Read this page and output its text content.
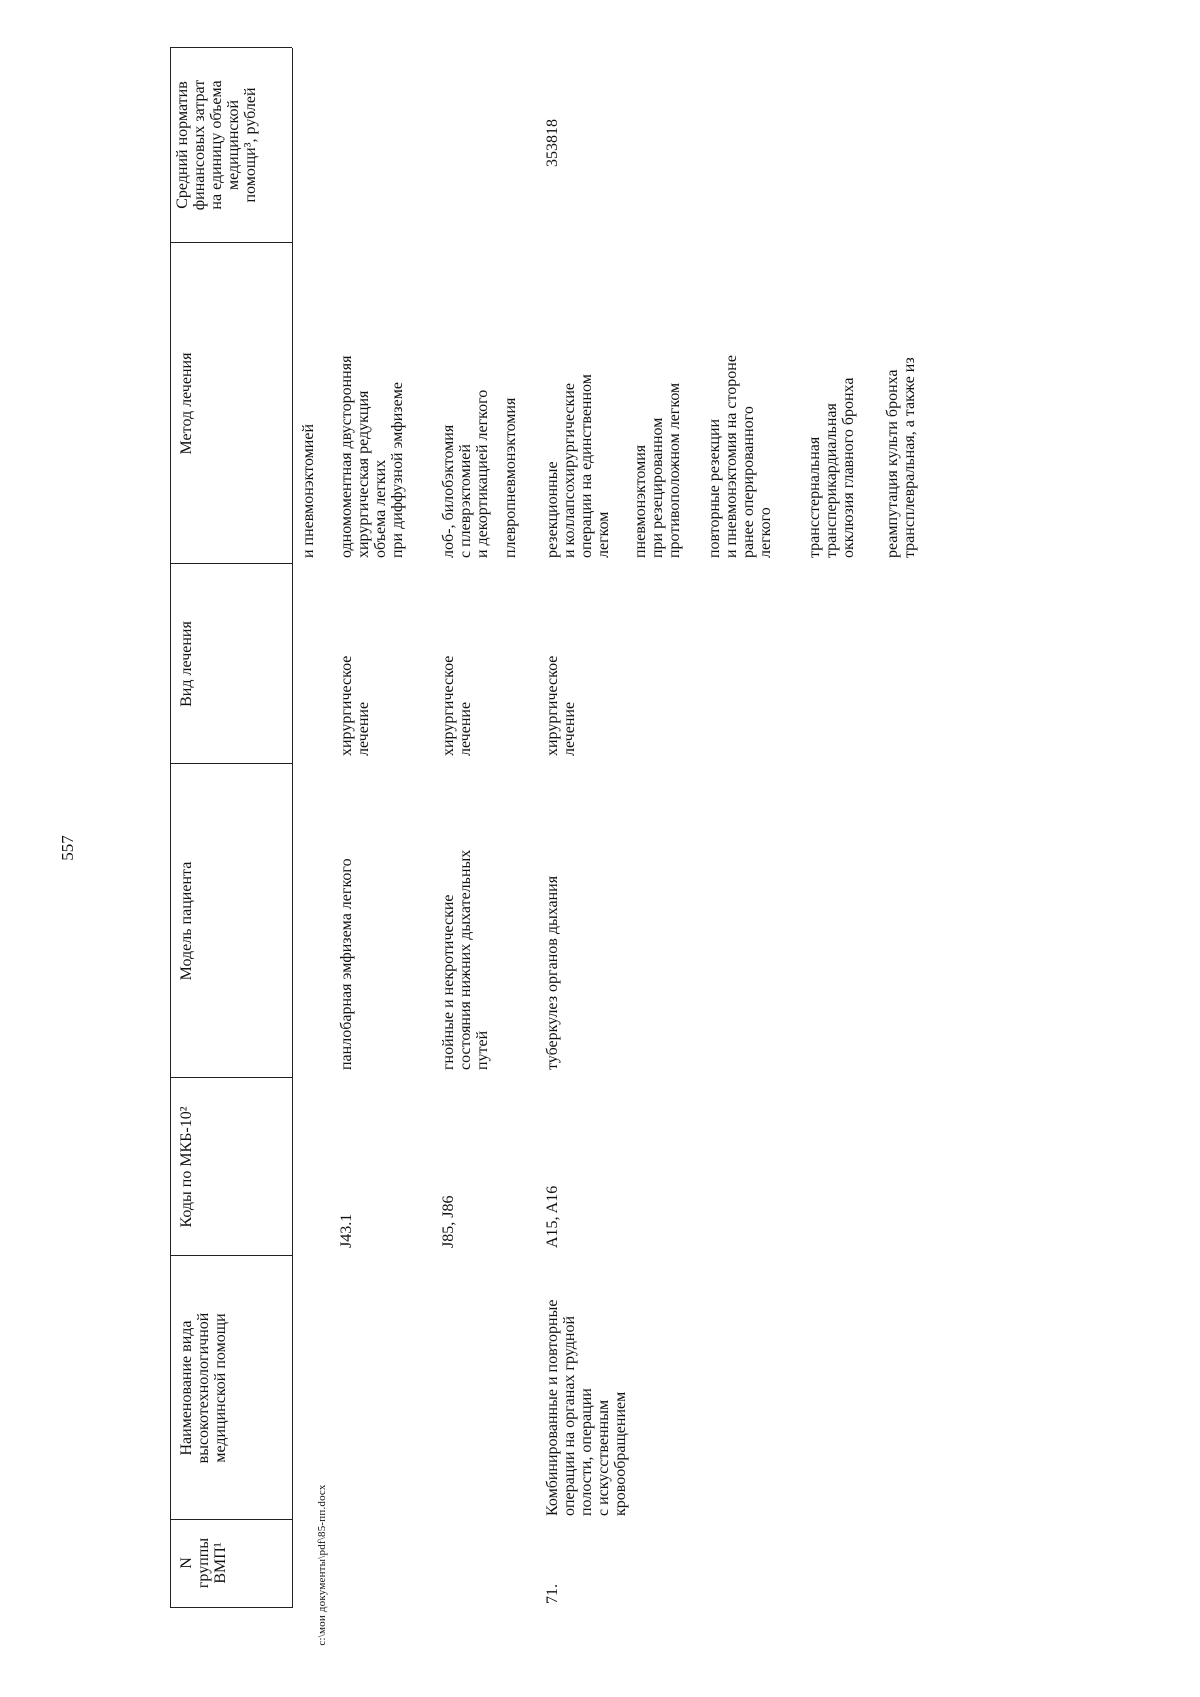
557
N
группы
ВМП¹
Наименование вида
высокотехнологичной
медицинской помощи
Коды по МКБ-10²
Модель пациента
Вид лечения
Метод лечения
Средний норматив
финансовых затрат
на единицу объема
медицинской
помощи³, рублей
и пневмонэктомией
J43.1
панлобарная эмфизема легкого
хирургическое
лечение
одномоментная двусторонняя
хирургическая редукция
объема легких
при диффузной эмфиземе
J85, J86
гнойные и некротические
состояния нижних дыхательных
путей
хирургическое
лечение
лоб-, билобэктомия
с плеврэктомией
и декортикацией легкого плевропневмонэктомия
71.
Комбинированные и повторные
операции на органах грудной
полости, операции
с искусственным
кровообращением
A15, A16
туберкулез органов дыхания
хирургическое
лечение
резекционные
и коллапсохирургические
операции на единственном
легком
353818
пневмонэктомия
при резецированном
противоположном легком
повторные резекции
и пневмонэктомия на стороне
ранее оперированного
легкого трансстернальная
трансперикардиальная
окклюзия главного бронха
реампутация культи бронха
трансплевральная, а также из
c:\мои документы\pdf\85-пп.docx
